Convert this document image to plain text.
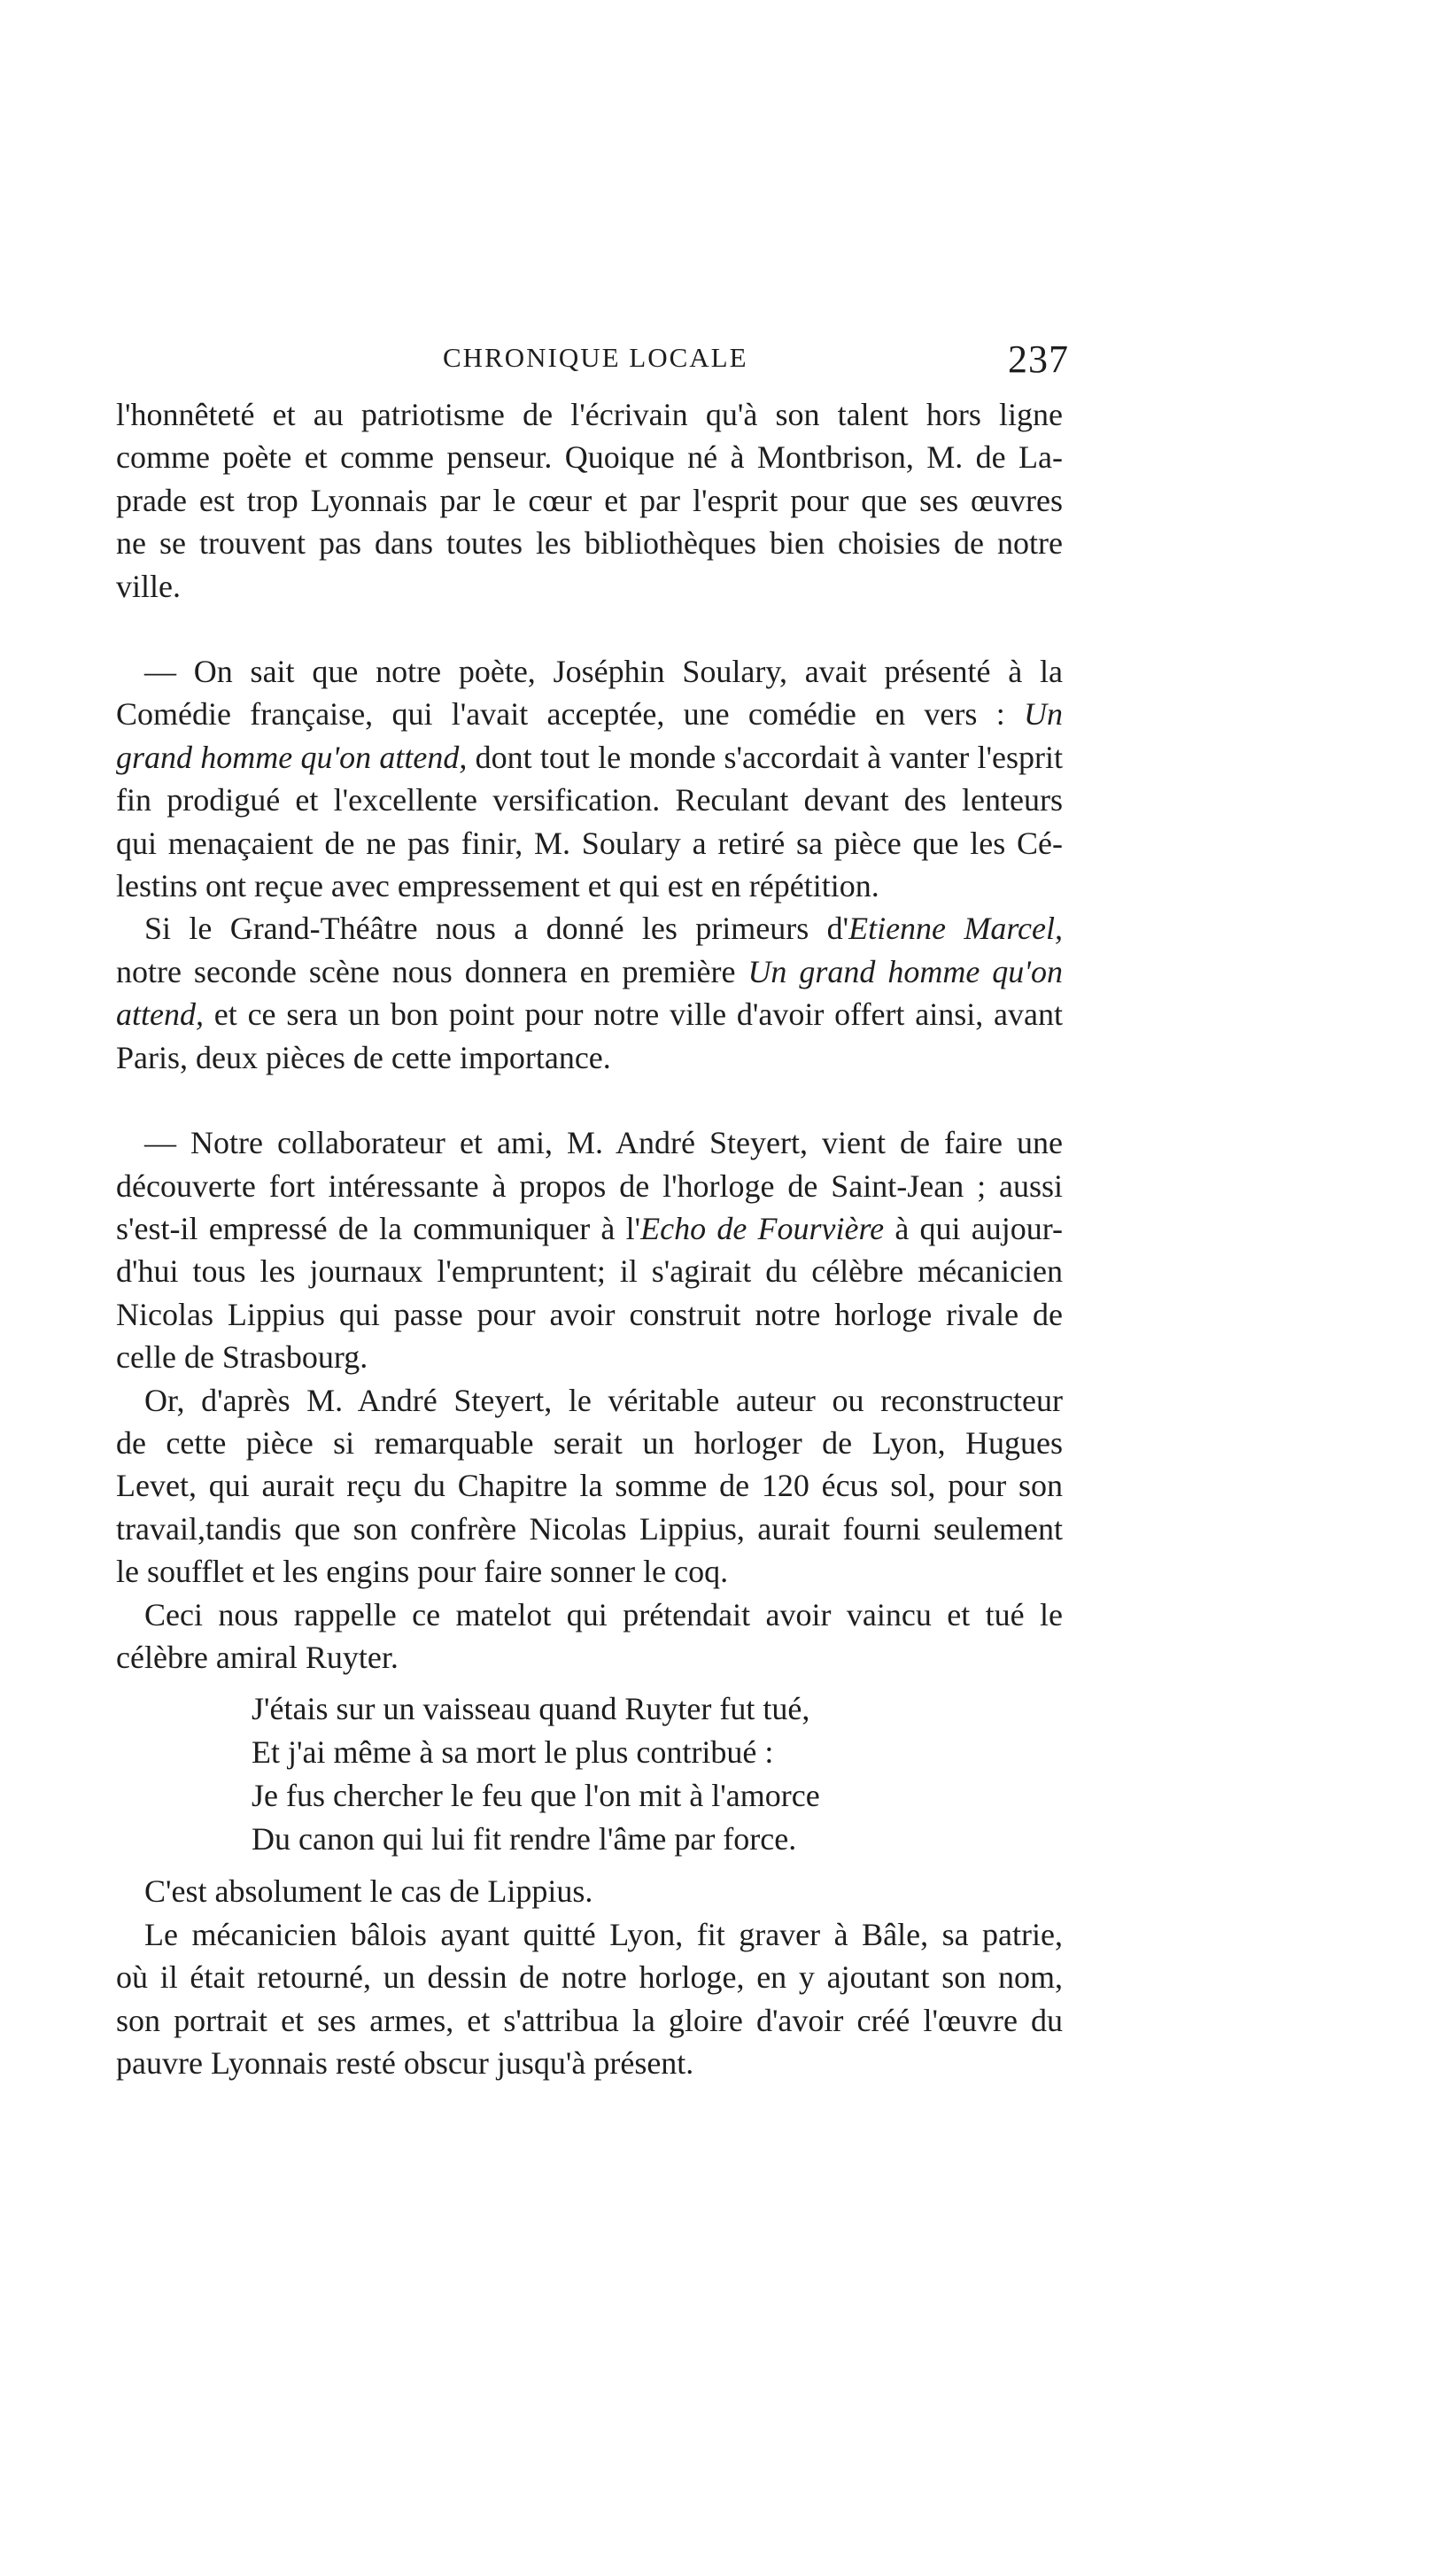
CHRONIQUE LOCALE	237
l'honnêteté et au patriotisme de l'écrivain qu'à son talent hors ligne
comme poète et comme penseur. Quoique né à Montbrison, M. de La-
prade est trop Lyonnais par le cœur et par l'esprit pour que ses œuvres
ne se trouvent pas dans toutes les bibliothèques bien choisies de notre
ville.
— On sait que notre poète, Joséphin Soulary, avait présenté à la
Comédie française, qui l'avait acceptée, une comédie en vers : Un
grand homme qu'on attend, dont tout le monde s'accordait à vanter l'esprit
fin prodigué et l'excellente versification. Reculant devant des lenteurs
qui menaçaient de ne pas finir, M. Soulary a retiré sa pièce que les Cé-
lestins ont reçue avec empressement et qui est en répétition.
Si le Grand-Théâtre nous a donné les primeurs d'Etienne Marcel,
notre seconde scène nous donnera en première Un grand homme qu'on
attend, et ce sera un bon point pour notre ville d'avoir offert ainsi, avant
Paris, deux pièces de cette importance.
— Notre collaborateur et ami, M. André Steyert, vient de faire une
découverte fort intéressante à propos de l'horloge de Saint-Jean ; aussi
s'est-il empressé de la communiquer à l'Echo de Fourvière à qui aujour-
d'hui tous les journaux l'empruntent; il s'agirait du célèbre mécanicien
Nicolas Lippius qui passe pour avoir construit notre horloge rivale de
celle de Strasbourg.
Or, d'après M. André Steyert, le véritable auteur ou reconstructeur
de cette pièce si remarquable serait un horloger de Lyon, Hugues
Levet, qui aurait reçu du Chapitre la somme de 120 écus sol, pour son
travail,tandis que son confrère Nicolas Lippius, aurait fourni seulement
le soufflet et les engins pour faire sonner le coq.
Ceci nous rappelle ce matelot qui prétendait avoir vaincu et tué le
célèbre amiral Ruyter.
J'étais sur un vaisseau quand Ruyter fut tué,
Et j'ai même à sa mort le plus contribué :
Je fus chercher le feu que l'on mit à l'amorce
Du canon qui lui fit rendre l'âme par force.
C'est absolument le cas de Lippius.
Le mécanicien bâlois ayant quitté Lyon, fit graver à Bâle, sa patrie,
où il était retourné, un dessin de notre horloge, en y ajoutant son nom,
son portrait et ses armes, et s'attribua la gloire d'avoir créé l'œuvre du
pauvre Lyonnais resté obscur jusqu'à présent.
